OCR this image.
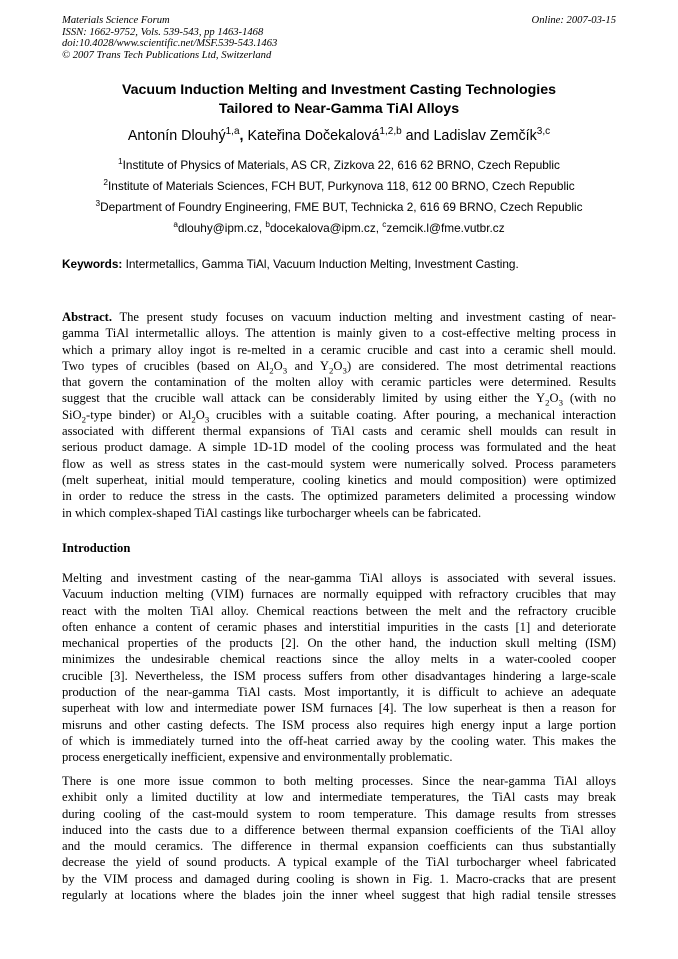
Materials Science Forum
ISSN: 1662-9752, Vols. 539-543, pp 1463-1468
doi:10.4028/www.scientific.net/MSF.539-543.1463
© 2007 Trans Tech Publications Ltd, Switzerland
Online: 2007-03-15
Vacuum Induction Melting and Investment Casting Technologies
Tailored to Near-Gamma TiAl Alloys
Antonín Dlouhý$^{1,a}$, Kateřina Dočekalová$^{1,2,b}$ and Ladislav Zemčík$^{3,c}$
$^1$Institute of Physics of Materials, AS CR, Zizkova 22, 616 62 BRNO, Czech Republic
$^2$Institute of Materials Sciences, FCH BUT, Purkynova 118, 612 00 BRNO, Czech Republic
$^3$Department of Foundry Engineering, FME BUT, Technicka 2, 616 69 BRNO, Czech Republic
$^a$dlouhy@ipm.cz, $^b$docekalova@ipm.cz, $^c$zemcik.l@fme.vutbr.cz
Keywords: Intermetallics, Gamma TiAl, Vacuum Induction Melting, Investment Casting.
Abstract. The present study focuses on vacuum induction melting and investment casting of near-
gamma TiAl intermetallic alloys. The attention is mainly given to a cost-effective melting process in
which a primary alloy ingot is re-melted in a ceramic crucible and cast into a ceramic shell mould.
Two types of crucibles (based on $Al_2O_3$ and $Y_2O_3$) are considered. The most detrimental reactions
that govern the contamination of the molten alloy with ceramic particles were determined. Results
suggest that the crucible wall attack can be considerably limited by using either the $Y_2O_3$ (with no
SiO$_2$-type binder) or $Al_2O_3$ crucibles with a suitable coating. After pouring, a mechanical interaction
associated with different thermal expansions of TiAl casts and ceramic shell moulds can result in
serious product damage. A simple 1D-1D model of the cooling process was formulated and the heat
flow as well as stress states in the cast-mould system were numerically solved. Process parameters
(melt superheat, initial mould temperature, cooling kinetics and mould composition) were optimized
in order to reduce the stress in the casts. The optimized parameters delimited a processing window
in which complex-shaped TiAl castings like turbocharger wheels can be fabricated.
Introduction
Melting and investment casting of the near-gamma TiAl alloys is associated with several issues.
Vacuum induction melting (VIM) furnaces are normally equipped with refractory crucibles that may
react with the molten TiAl alloy. Chemical reactions between the melt and the refractory crucible
often enhance a content of ceramic phases and interstitial impurities in the casts [1] and deteriorate
mechanical properties of the products [2]. On the other hand, the induction skull melting (ISM)
minimizes the undesirable chemical reactions since the alloy melts in a water-cooled cooper
crucible [3]. Nevertheless, the ISM process suffers from other disadvantages hindering a large-scale
production of the near-gamma TiAl casts. Most importantly, it is difficult to achieve an adequate
superheat with low and intermediate power ISM furnaces [4]. The low superheat is then a reason for
misruns and other casting defects. The ISM process also requires high energy input a large portion
of which is immediately turned into the off-heat carried away by the cooling water. This makes the
process energetically inefficient, expensive and environmentally problematic.
There is one more issue common to both melting processes. Since the near-gamma TiAl alloys
exhibit only a limited ductility at low and intermediate temperatures, the TiAl casts may break
during cooling of the cast-mould system to room temperature. This damage results from stresses
induced into the casts due to a difference between thermal expansion coefficients of the TiAl alloy
and the mould ceramics. The difference in thermal expansion coefficients can thus substantially
decrease the yield of sound products. A typical example of the TiAl turbocharger wheel fabricated
by the VIM process and damaged during cooling is shown in Fig. 1. Macro-cracks that are present
regularly at locations where the blades join the inner wheel suggest that high radial tensile stresses
